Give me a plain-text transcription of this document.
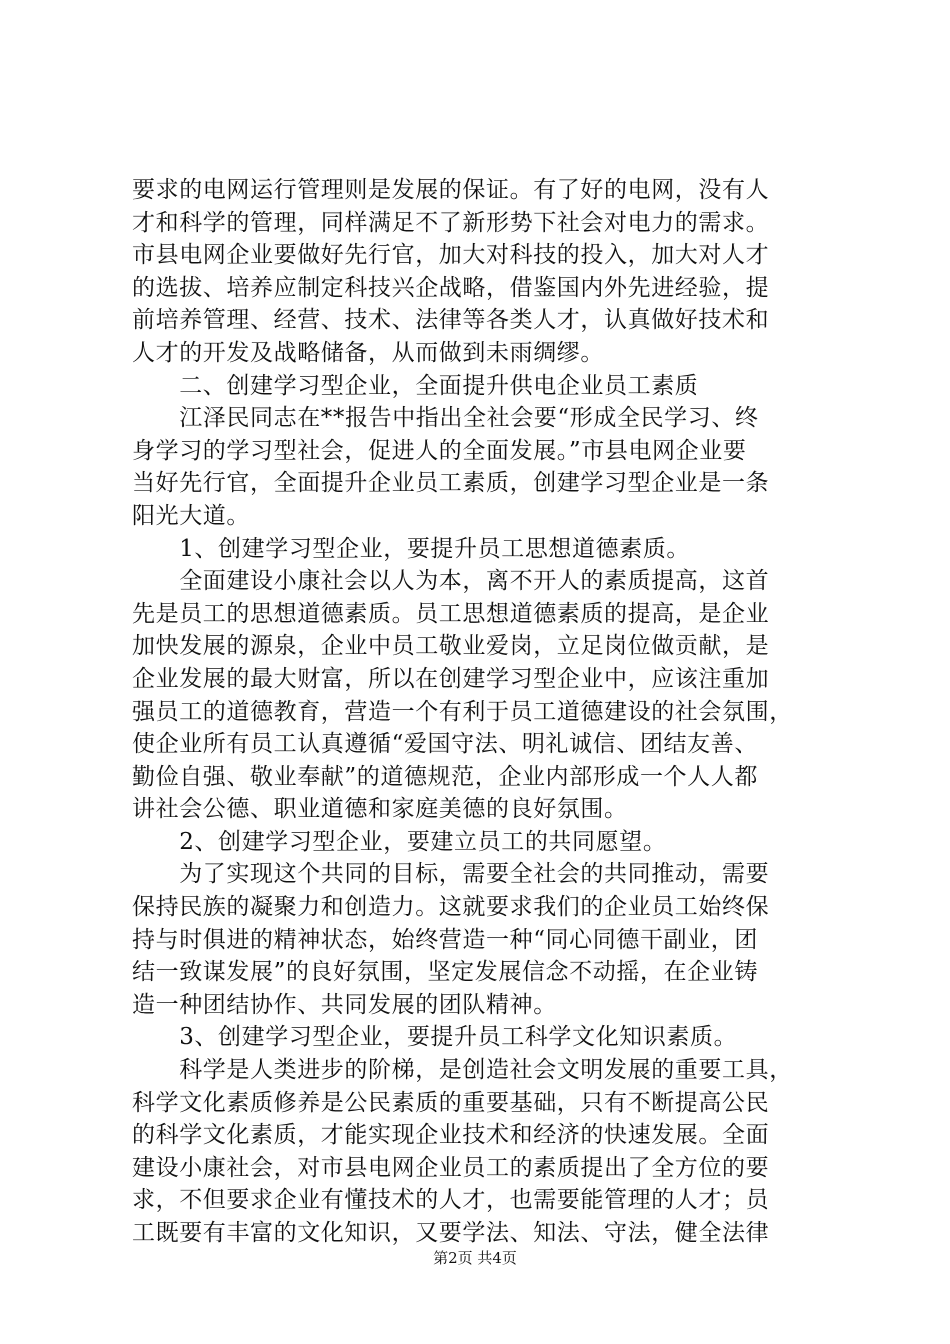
要求的电网运行管理则是发展的保证。有了好的电网，没有人
才和科学的管理，同样满足不了新形势下社会对电力的需求。
市县电网企业要做好先行官，加大对科技的投入，加大对人才
的选拔、培养应制定科技兴企战略，借鉴国内外先进经验，提
前培养管理、经营、技术、法律等各类人才，认真做好技术和
人才的开发及战略储备，从而做到未雨绸缪。
　　二、创建学习型企业，全面提升供电企业员工素质
　　江泽民同志在**报告中指出全社会要“形成全民学习、终
身学习的学习型社会，促进人的全面发展。”市县电网企业要
当好先行官，全面提升企业员工素质，创建学习型企业是一条
阳光大道。
　　1、创建学习型企业，要提升员工思想道德素质。
　　全面建设小康社会以人为本，离不开人的素质提高，这首
先是员工的思想道德素质。员工思想道德素质的提高，是企业
加快发展的源泉，企业中员工敬业爱岗，立足岗位做贡献，是
企业发展的最大财富，所以在创建学习型企业中，应该注重加
强员工的道德教育，营造一个有利于员工道德建设的社会氛围，
使企业所有员工认真遵循“爱国守法、明礼诚信、团结友善、
勤俭自强、敬业奉献”的道德规范，企业内部形成一个人人都
讲社会公德、职业道德和家庭美德的良好氛围。
　　2、创建学习型企业，要建立员工的共同愿望。
　　为了实现这个共同的目标，需要全社会的共同推动，需要
保持民族的凝聚力和创造力。这就要求我们的企业员工始终保
持与时俱进的精神状态，始终营造一种“同心同德干副业，团
结一致谋发展”的良好氛围，坚定发展信念不动摇，在企业铸
造一种团结协作、共同发展的团队精神。
　　3、创建学习型企业，要提升员工科学文化知识素质。
　　科学是人类进步的阶梯，是创造社会文明发展的重要工具，
科学文化素质修养是公民素质的重要基础，只有不断提高公民
的科学文化素质，才能实现企业技术和经济的快速发展。全面
建设小康社会，对市县电网企业员工的素质提出了全方位的要
求，不但要求企业有懂技术的人才，也需要能管理的人才；员
工既要有丰富的文化知识，又要学法、知法、守法，健全法律
第2页 共4页
